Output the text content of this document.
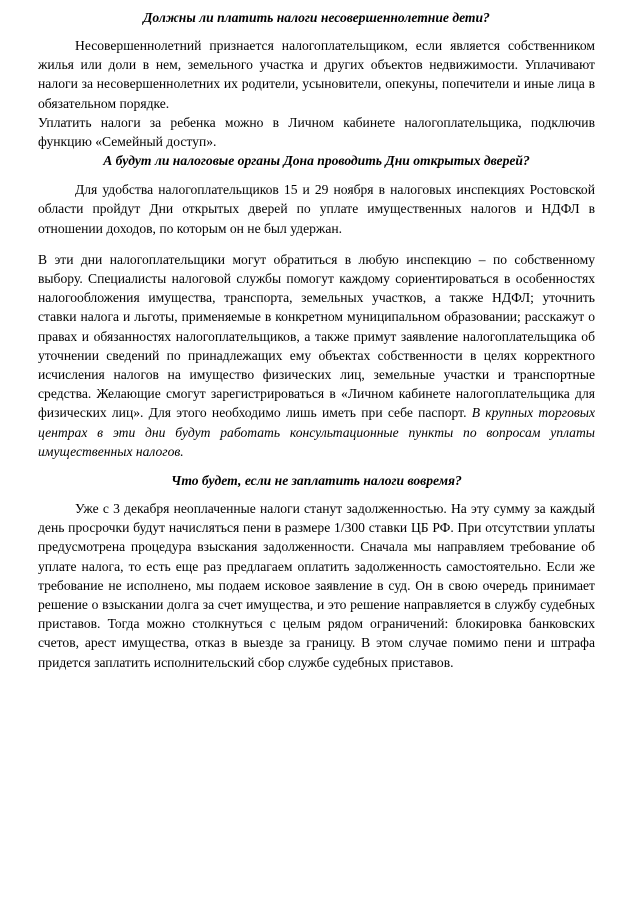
Должны ли платить налоги несовершеннолетние дети?

Несовершеннолетний признается налогоплательщиком, если является собственником жилья или доли в нем, земельного участка и других объектов недвижимости. Уплачивают налоги за несовершеннолетних их родители, усыновители, опекуны, попечители и иные лица в обязательном порядке.

Уплатить налоги за ребенка можно в Личном кабинете налогоплательщика, подключив функцию «Семейный доступ».

А будут ли налоговые органы Дона проводить Дни открытых дверей?

Для удобства налогоплательщиков 15 и 29 ноября в налоговых инспекциях Ростовской области пройдут Дни открытых дверей по уплате имущественных налогов и НДФЛ в отношении доходов, по которым он не был удержан.

В эти дни налогоплательщики могут обратиться в любую инспекцию – по собственному выбору. Специалисты налоговой службы помогут каждому сориентироваться в особенностях налогообложения имущества, транспорта, земельных участков, а также НДФЛ; уточнить ставки налога и льготы, применяемые в конкретном муниципальном образовании; расскажут о правах и обязанностях налогоплательщиков, а также примут заявление налогоплательщика об уточнении сведений по принадлежащих ему объектах собственности в целях корректного исчисления налогов на имущество физических лиц, земельные участки и транспортные средства. Желающие смогут зарегистрироваться в «Личном кабинете налогоплательщика для физических лиц». Для этого необходимо лишь иметь при себе паспорт. В крупных торговых центрах в эти дни будут работать консультационные пункты по вопросам уплаты имущественных налогов.

Что будет, если не заплатить налоги вовремя?

Уже с 3 декабря неоплаченные налоги станут задолженностью. На эту сумму за каждый день просрочки будут начисляться пени в размере 1/300 ставки ЦБ РФ. При отсутствии уплаты предусмотрена процедура взыскания задолженности. Сначала мы направляем требование об уплате налога, то есть еще раз предлагаем оплатить задолженность самостоятельно. Если же требование не исполнено, мы подаем исковое заявление в суд. Он в свою очередь принимает решение о взыскании долга за счет имущества, и это решение направляется в службу судебных приставов. Тогда можно столкнуться с целым рядом ограничений: блокировка банковских счетов, арест имущества, отказ в выезде за границу. В этом случае помимо пени и штрафа придется заплатить исполнительский сбор службе судебных приставов.
